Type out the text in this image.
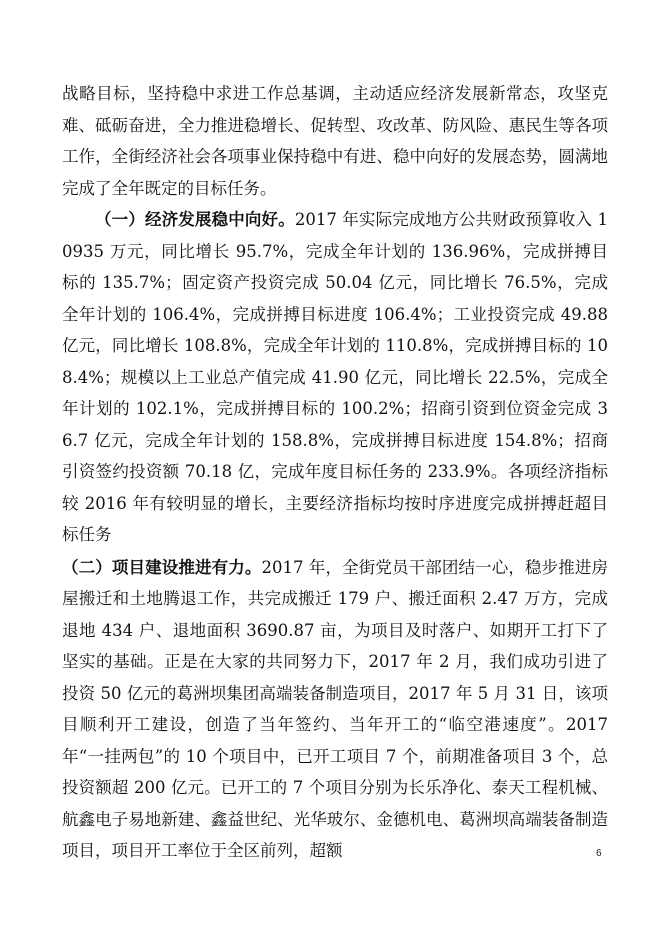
战略目标，坚持稳中求进工作总基调，主动适应经济发展新常态，攻坚克难、砥砺奋进，全力推进稳增长、促转型、攻改革、防风险、惠民生等各项工作，全街经济社会各项事业保持稳中有进、稳中向好的发展态势，圆满地完成了全年既定的目标任务。

（一）经济发展稳中向好。2017 年实际完成地方公共财政预算收入 10935 万元，同比增长 95.7%，完成全年计划的 136.96%，完成拼搏目标的 135.7%；固定资产投资完成 50.04 亿元，同比增长 76.5%，完成全年计划的 106.4%，完成拼搏目标进度 106.4%；工业投资完成 49.88 亿元，同比增长 108.8%，完成全年计划的 110.8%，完成拼搏目标的 108.4%；规模以上工业总产值完成 41.90 亿元，同比增长 22.5%，完成全年计划的 102.1%，完成拼搏目标的 100.2%；招商引资到位资金完成 36.7 亿元，完成全年计划的 158.8%，完成拼搏目标进度 154.8%；招商引资签约投资额 70.18 亿，完成年度目标任务的 233.9%。各项经济指标较 2016 年有较明显的增长，主要经济指标均按时序进度完成拼搏赶超目标任务

（二）项目建设推进有力。2017 年，全街党员干部团结一心，稳步推进房屋搬迁和土地腾退工作，共完成搬迁 179 户、搬迁面积 2.47 万方，完成退地 434 户、退地面积 3690.87 亩，为项目及时落户、如期开工打下了坚实的基础。正是在大家的共同努力下，2017 年 2 月，我们成功引进了投资 50 亿元的葛洲坝集团高端装备制造项目，2017 年 5 月 31 日，该项目顺利开工建设，创造了当年签约、当年开工的“临空港速度”。2017 年“一挂两包”的 10 个项目中，已开工项目 7 个，前期准备项目 3 个，总投资额超 200 亿元。已开工的 7 个项目分别为长乐净化、泰天工程机械、航鑫电子易地新建、鑫益世纪、光华玻尔、金德机电、葛洲坝高端装备制造项目，项目开工率位于全区前列，超额	6
